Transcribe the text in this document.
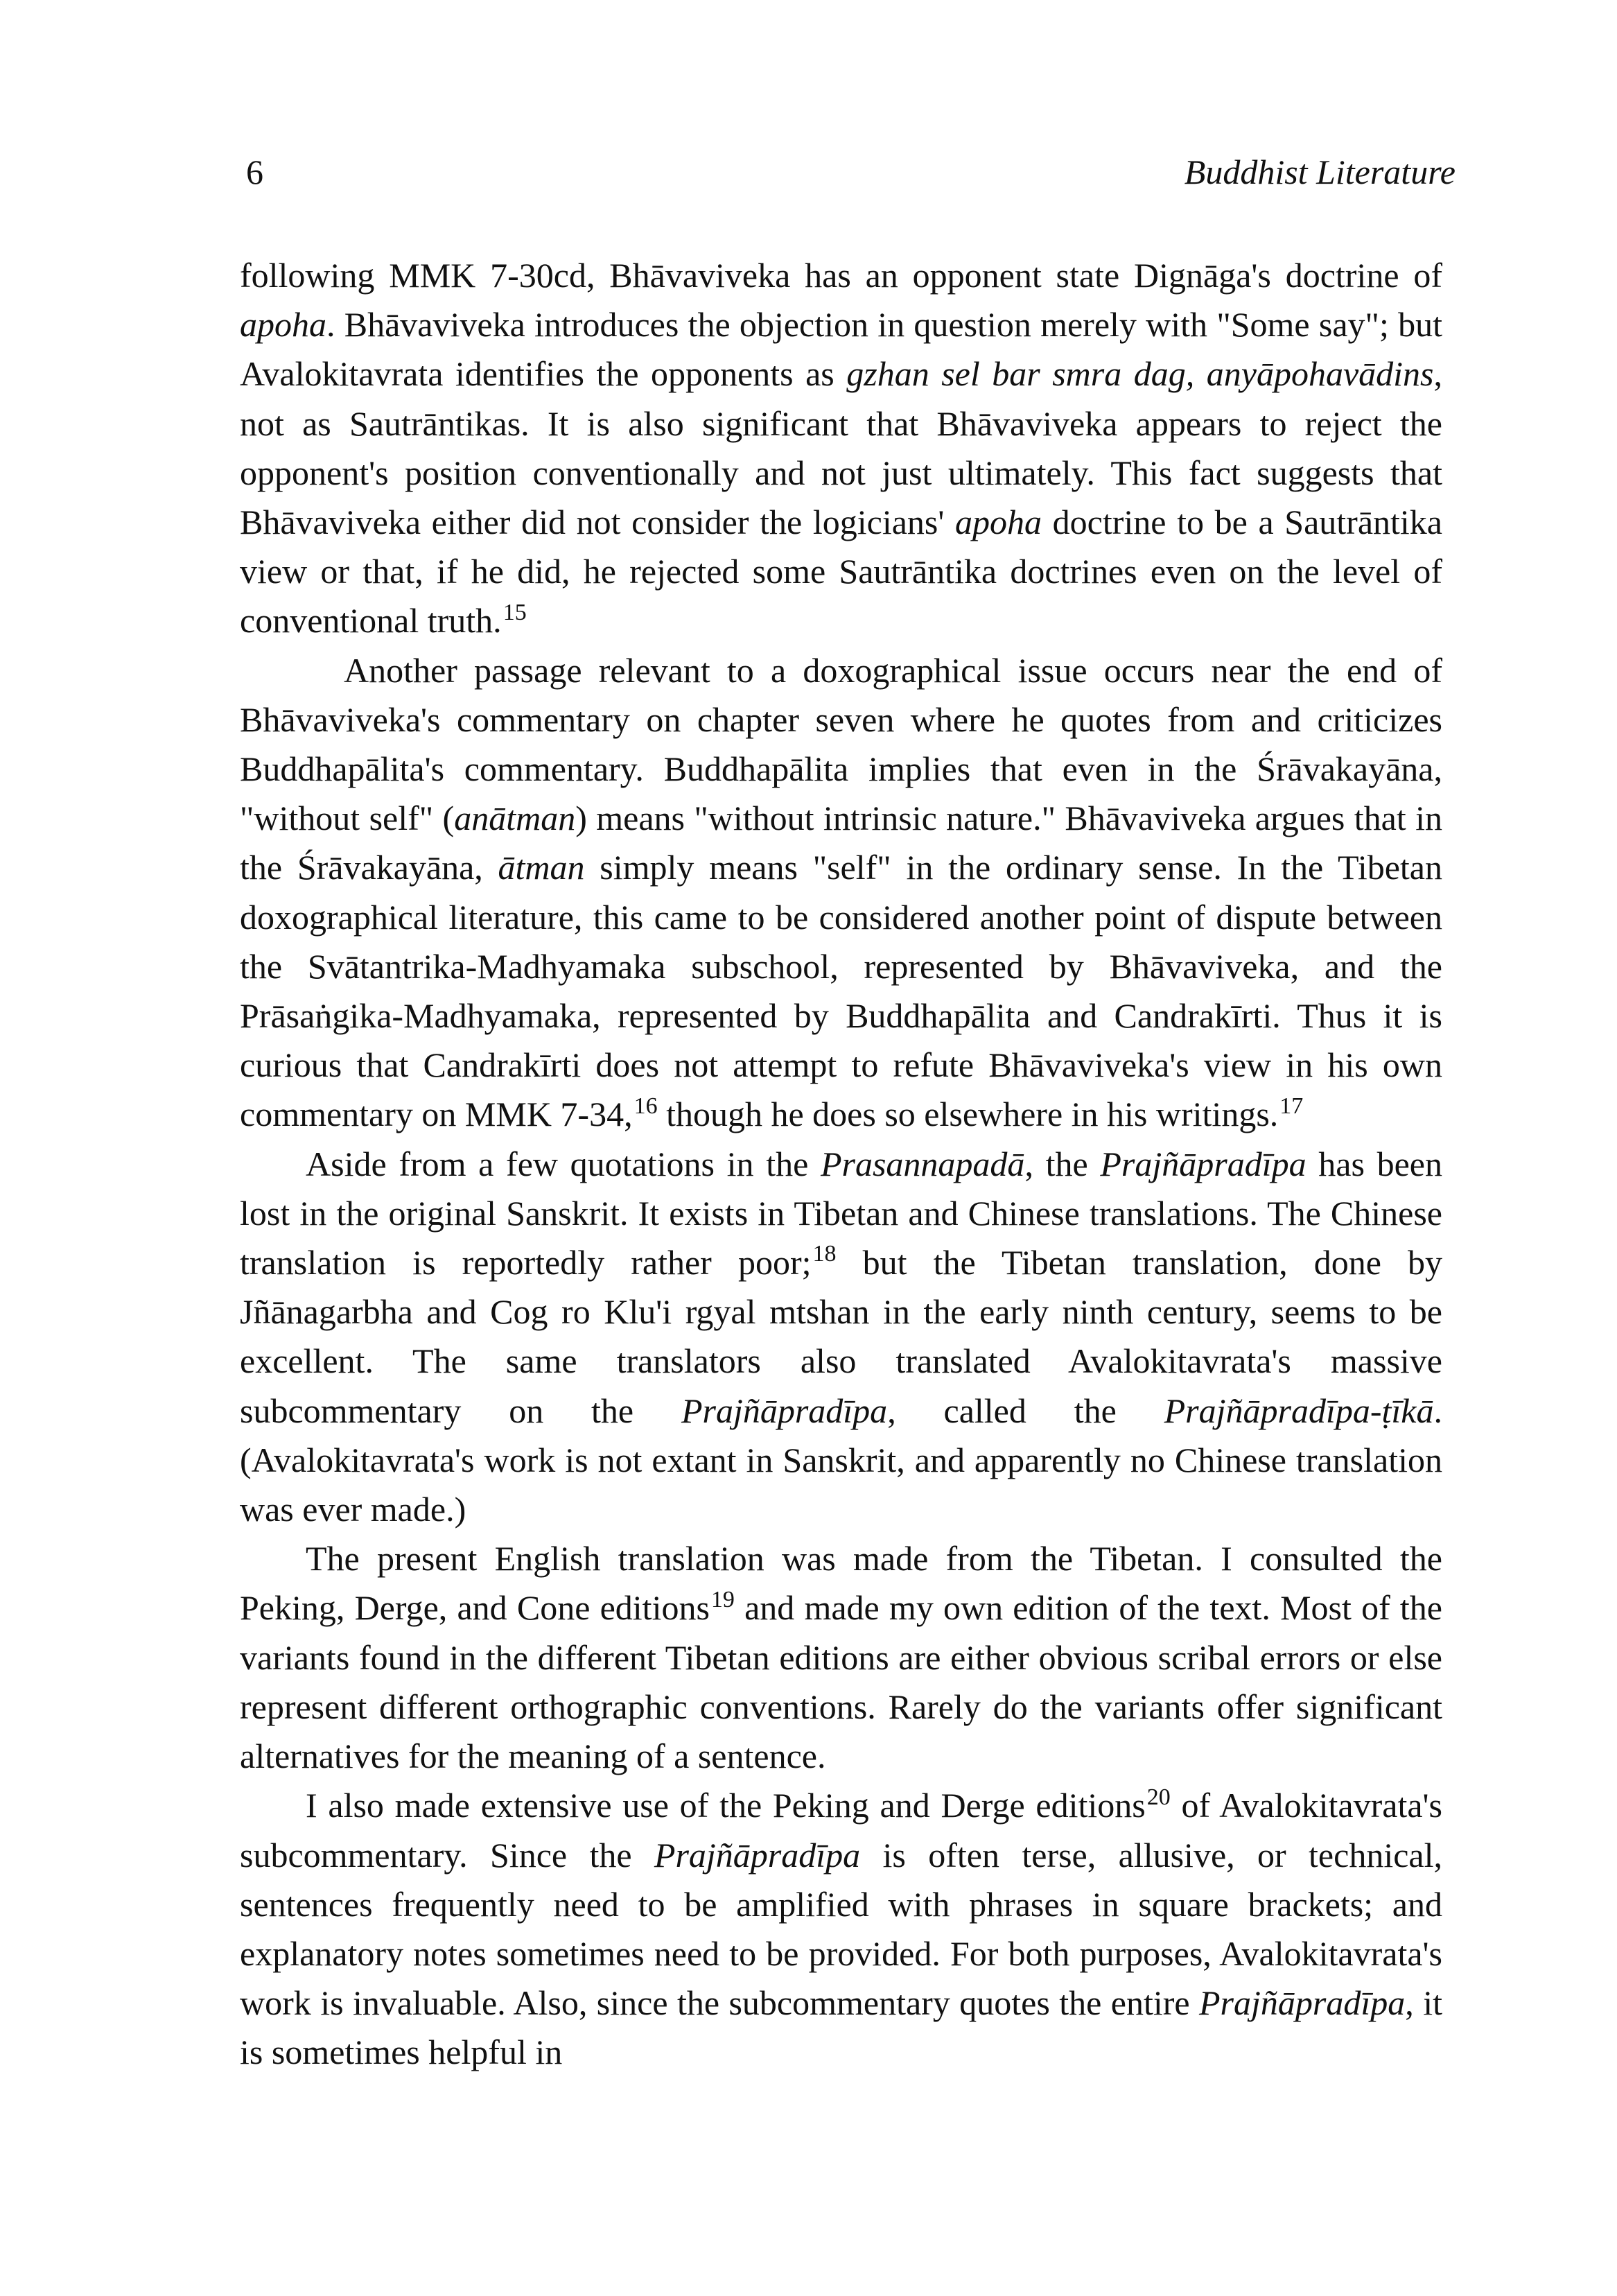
6	Buddhist Literature

following MMK 7-30cd, Bhāvaviveka has an opponent state Dignāga's doctrine of apoha. Bhāvaviveka introduces the objection in question merely with "Some say"; but Avalokitavrata identifies the opponents as gzhan sel bar smra dag, anyāpohavādins, not as Sautrāntikas. It is also significant that Bhāvaviveka appears to reject the opponent's position conventionally and not just ultimately. This fact suggests that Bhāvaviveka either did not consider the logicians' apoha doctrine to be a Sautrāntika view or that, if he did, he rejected some Sautrāntika doctrines even on the level of conventional truth.$^{15}$

Another passage relevant to a doxographical issue occurs near the end of Bhāvaviveka's commentary on chapter seven where he quotes from and criticizes Buddhapālita's commentary. Buddhapālita implies that even in the Śrāvakayāna, "without self" (anātman) means "without intrinsic nature." Bhāvaviveka argues that in the Śrāvakayāna, ātman simply means "self" in the ordinary sense. In the Tibetan doxographical literature, this came to be considered another point of dispute between the Svātantrika-Madhyamaka subschool, represented by Bhāvaviveka, and the Prāsaṅgika-Madhyamaka, represented by Buddhapālita and Candrakīrti. Thus it is curious that Candrakīrti does not attempt to refute Bhāvaviveka's view in his own commentary on MMK 7-34,16 though he does so elsewhere in his writings.$^{17}$

Aside from a few quotations in the Prasannapadā, the Prajñāpradīpa has been lost in the original Sanskrit. It exists in Tibetan and Chinese translations. The Chinese translation is reportedly rather poor;$^{18}$ but the Tibetan translation, done by Jñānagarbha and Cog ro Klu'i rgyal mtshan in the early ninth century, seems to be excellent. The same translators also translated Avalokitavrata's massive subcommentary on the Prajñāpradīpa, called the Prajñāpradīpa-ṭīkā. (Avalokitavrata's work is not extant in Sanskrit, and apparently no Chinese translation was ever made.)

The present English translation was made from the Tibetan. I consulted the Peking, Derge, and Cone editions$^{19}$ and made my own edition of the text. Most of the variants found in the different Tibetan editions are either obvious scribal errors or else represent different orthographic conventions. Rarely do the variants offer significant alternatives for the meaning of a sentence.

I also made extensive use of the Peking and Derge editions$^{20}$ of Avalokitavrata's subcommentary. Since the Prajñāpradīpa is often terse, allusive, or technical, sentences frequently need to be amplified with phrases in square brackets; and explanatory notes sometimes need to be provided. For both purposes, Avalokitavrata's work is invaluable. Also, since the subcommentary quotes the entire Prajñāpradīpa, it is sometimes helpful in
